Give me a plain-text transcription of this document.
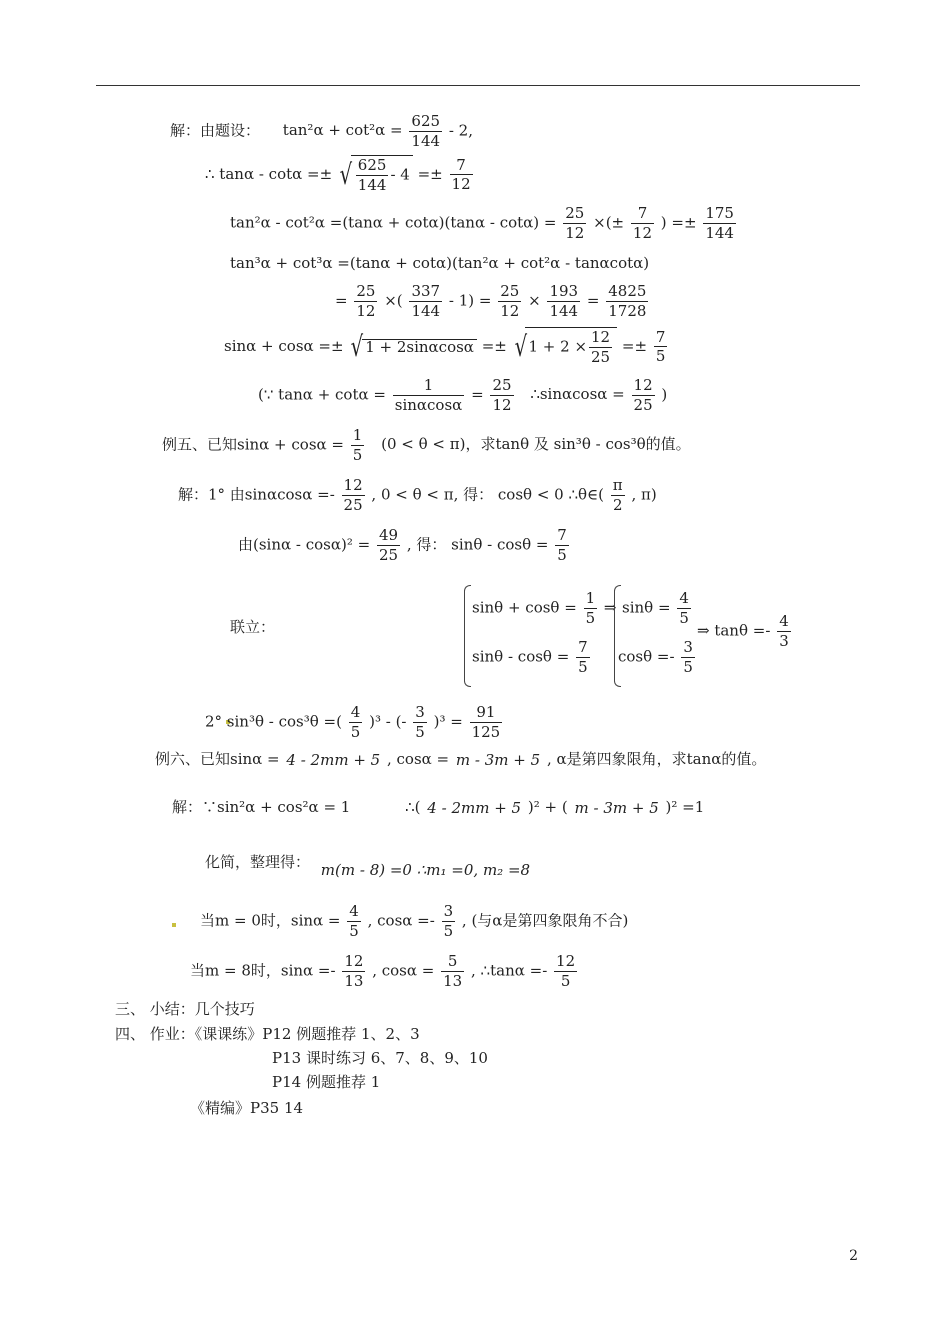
解：由题设： $\tan^2\alpha + \cot^2\alpha = \frac{625}{144} - 2$,
∴ tanα - cotα =± √ $\frac{625}{144} - 4 =\pm \frac{7}{12}$
$\tan^2\alpha - \cot^2\alpha =(\tan\alpha + \cot\alpha)(\tan\alpha - \cot\alpha) = \frac{25}{12}$ ×(± $\frac{7}{12}$ ) =± $\frac{175}{144}$
tan³α + cot³α =(tanα + cotα)(tan²α + cot²α - tanαcotα)
= $\frac{25}{12}$ ×( $\frac{337}{144} - 1) = \frac{25}{12} \times \frac{193}{144} = \frac{4825}{1728}$
sinα + cosα =± √ 1 + 2sinαcosα =± √ $1 + 2 \times \frac{12}{25} =\pm \frac{7}{5}$
(∵ $\tan\alpha + \cot\alpha = \frac{1}{\sin\alpha\cos\alpha} = \frac{25}{12}$ ∴sinαcosα = $\frac{12}{25}$ )
例五、已知$\sin\alpha + \cos\alpha = \frac{1}{5} (0 < \theta < \pi)$，求tanθ 及 sin³θ - cos³θ的值。
解：1° 由$\sin\alpha\cos\alpha =- \frac{12}{25}$ , 0 < θ < π, 得： cosθ < 0 ∴θ∈( $\frac{\pi}{2}$ , π)
由$(\sin\alpha - \cos\alpha)^2 = \frac{49}{25}$ , 得： $\sin\theta - \cos\theta = \frac{7}{5}$
联立：
$\sin\theta + \cos\theta = \frac{1}{5}$ ⇒
$\sin\theta - \cos\theta = \frac{7}{5}$
$\sin\theta = \frac{4}{5}$
$\cos\theta =- \frac{3}{5}$
⇒ $\tan\theta =- \frac{4}{3}$
2° sin³θ - cos³θ =( $\frac{4}{5} )^3$ - (- $\frac{3}{5} )^3 = \frac{91}{125}$
例六、已知sinα = 4 - 2mm + 5 , cosα = m - 3m + 5 , α是第四象限角，求tanα的值。
解：∵sin²α + cos²α = 1	∴( 4 - 2mm + 5 )² + ( m - 3m + 5 )² =1
化简，整理得： m(m - 8) =0 ∴m₁ =0, m₂ =8
当m = 0时，$\sin\alpha = \frac{4}{5}$ , $\cos\alpha =- \frac{3}{5}$ , (与α是第四象限角不合)
当m = 8时，$\sin\alpha =- \frac{12}{13}$ , $\cos\alpha = \frac{5}{13}$ , ∴tanα =- $\frac{12}{5}$
三、 小结：几个技巧
四、 作业：《课课练》P12 例题推荐 1、2、3
P13 课时练习 6、7、8、9、10
P14 例题推荐 1
《精编》P35 14
2
